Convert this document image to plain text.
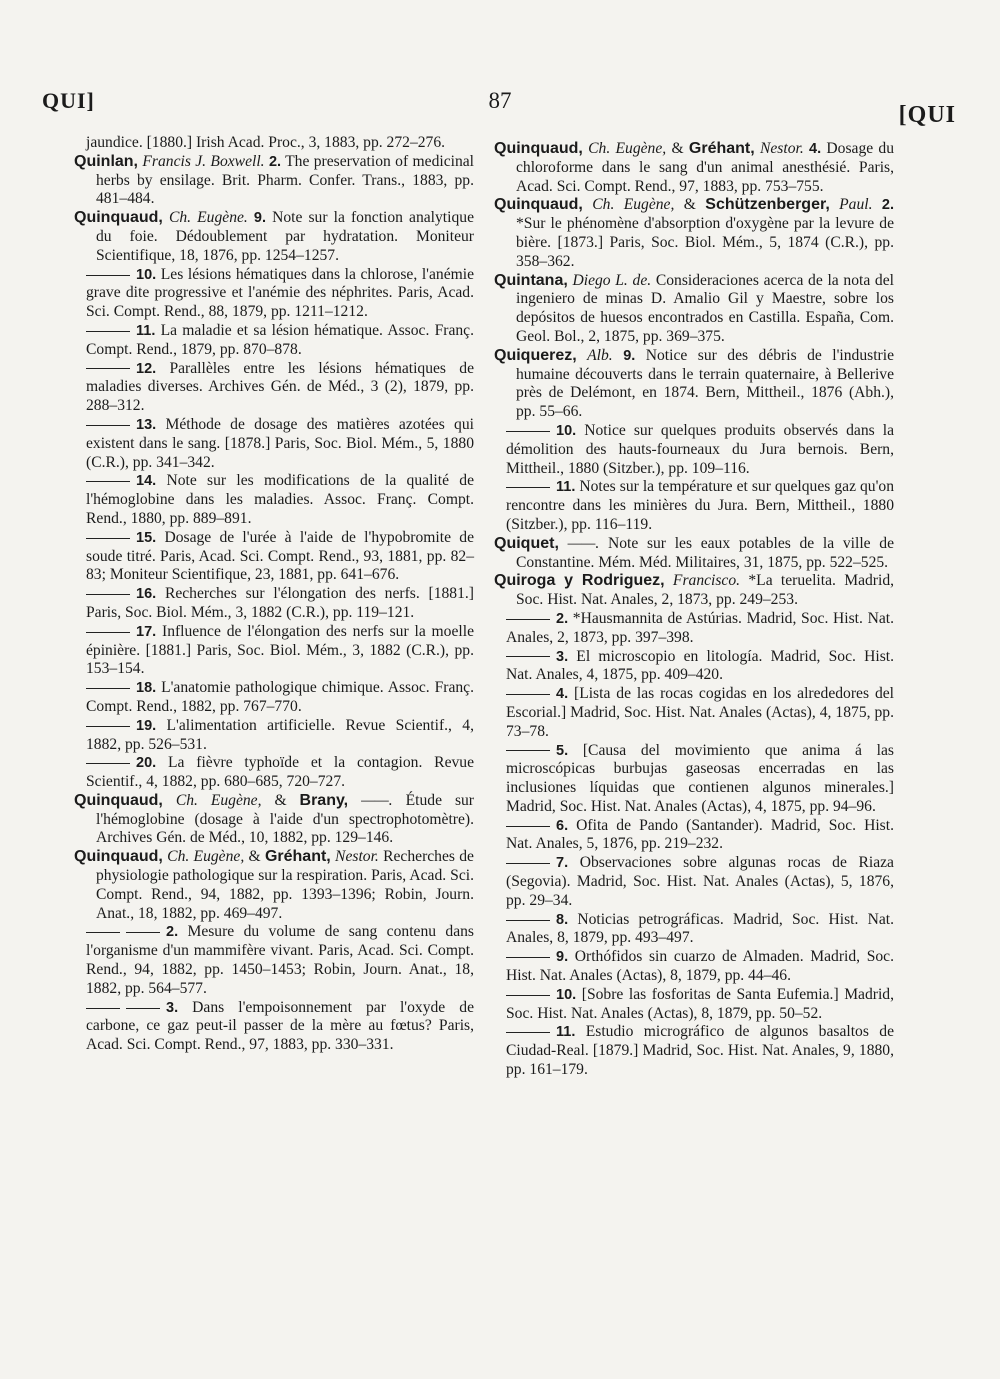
QUI]	87
[QUI

jaundice. [1880.] Irish Acad. Proc., 3, 1883, pp. 272–276.

Quinlan, Francis J. Boxwell. 2. The preservation of medicinal herbs by ensilage. Brit. Pharm. Confer. Trans., 1883, pp. 481–484.

Quinquaud, Ch. Eugène. 9. Note sur la fonction analytique du foie. Dédoublement par hydratation. Moniteur Scientifique, 18, 1876, pp. 1254–1257.

10. Les lésions hématiques dans la chlorose, l'anémie grave dite progressive et l'anémie des néphrites. Paris, Acad. Sci. Compt. Rend., 88, 1879, pp. 1211–1212.

11. La maladie et sa lésion hématique. Assoc. Franç. Compt. Rend., 1879, pp. 870–878.

12. Parallèles entre les lésions hématiques de maladies diverses. Archives Gén. de Méd., 3 (2), 1879, pp. 288–312.

13. Méthode de dosage des matières azotées qui existent dans le sang. [1878.] Paris, Soc. Biol. Mém., 5, 1880 (C.R.), pp. 341–342.

14. Note sur les modifications de la qualité de l'hémoglobine dans les maladies. Assoc. Franç. Compt. Rend., 1880, pp. 889–891.

15. Dosage de l'urée à l'aide de l'hypobromite de soude titré. Paris, Acad. Sci. Compt. Rend., 93, 1881, pp. 82–83; Moniteur Scientifique, 23, 1881, pp. 641–676.

16. Recherches sur l'élongation des nerfs. [1881.] Paris, Soc. Biol. Mém., 3, 1882 (C.R.), pp. 119–121.

17. Influence de l'élongation des nerfs sur la moelle épinière. [1881.] Paris, Soc. Biol. Mém., 3, 1882 (C.R.), pp. 153–154.

18. L'anatomie pathologique chimique. Assoc. Franç. Compt. Rend., 1882, pp. 767–770.

19. L'alimentation artificielle. Revue Scientif., 4, 1882, pp. 526–531.

20. La fièvre typhoïde et la contagion. Revue Scientif., 4, 1882, pp. 680–685, 720–727.

Quinquaud, Ch. Eugène, & Brany, ——. Étude sur l'hémoglobine (dosage à l'aide d'un spectrophotomètre). Archives Gén. de Méd., 10, 1882, pp. 129–146.

Quinquaud, Ch. Eugène, & Gréhant, Nestor. Recherches de physiologie pathologique sur la respiration. Paris, Acad. Sci. Compt. Rend., 94, 1882, pp. 1393–1396; Robin, Journ. Anat., 18, 1882, pp. 469–497.

2. Mesure du volume de sang contenu dans l'organisme d'un mammifère vivant. Paris, Acad. Sci. Compt. Rend., 94, 1882, pp. 1450–1453; Robin, Journ. Anat., 18, 1882, pp. 564–577.

3. Dans l'empoisonnement par l'oxyde de carbone, ce gaz peut-il passer de la mère au fœtus? Paris, Acad. Sci. Compt. Rend., 97, 1883, pp. 330–331.

Quinquaud, Ch. Eugène, & Gréhant, Nestor. 4. Dosage du chloroforme dans le sang d'un animal anesthésié. Paris, Acad. Sci. Compt. Rend., 97, 1883, pp. 753–755.

Quinquaud, Ch. Eugène, & Schützenberger, Paul. 2. *Sur le phénomène d'absorption d'oxygène par la levure de bière. [1873.] Paris, Soc. Biol. Mém., 5, 1874 (C.R.), pp. 358–362.

Quintana, Diego L. de. Consideraciones acerca de la nota del ingeniero de minas D. Amalio Gil y Maestre, sobre los depósitos de huesos encontrados en Castilla. España, Com. Geol. Bol., 2, 1875, pp. 369–375.

Quiquerez, Alb. 9. Notice sur des débris de l'industrie humaine découverts dans le terrain quaternaire, à Bellerive près de Delémont, en 1874. Bern, Mittheil., 1876 (Abh.), pp. 55–66.

10. Notice sur quelques produits observés dans la démolition des hauts-fourneaux du Jura bernois. Bern, Mittheil., 1880 (Sitzber.), pp. 109–116.

11. Notes sur la température et sur quelques gaz qu'on rencontre dans les minières du Jura. Bern, Mittheil., 1880 (Sitzber.), pp. 116–119.

Quiquet, ——. Note sur les eaux potables de la ville de Constantine. Mém. Méd. Militaires, 31, 1875, pp. 522–525.

Quiroga y Rodriguez, Francisco. *La teruelita. Madrid, Soc. Hist. Nat. Anales, 2, 1873, pp. 249–253.

2. *Hausmannita de Astúrias. Madrid, Soc. Hist. Nat. Anales, 2, 1873, pp. 397–398.

3. El microscopio en litología. Madrid, Soc. Hist. Nat. Anales, 4, 1875, pp. 409–420.

4. [Lista de las rocas cogidas en los alrededores del Escorial.] Madrid, Soc. Hist. Nat. Anales (Actas), 4, 1875, pp. 73–78.

5. [Causa del movimiento que anima á las microscópicas burbujas gaseosas encerradas en las inclusiones líquidas que contienen algunos minerales.] Madrid, Soc. Hist. Nat. Anales (Actas), 4, 1875, pp. 94–96.

6. Ofita de Pando (Santander). Madrid, Soc. Hist. Nat. Anales, 5, 1876, pp. 219–232.

7. Observaciones sobre algunas rocas de Riaza (Segovia). Madrid, Soc. Hist. Nat. Anales (Actas), 5, 1876, pp. 29–34.

8. Noticias petrográficas. Madrid, Soc. Hist. Nat. Anales, 8, 1879, pp. 493–497.

9. Orthófidos sin cuarzo de Almaden. Madrid, Soc. Hist. Nat. Anales (Actas), 8, 1879, pp. 44–46.

10. [Sobre las fosforitas de Santa Eufemia.] Madrid, Soc. Hist. Nat. Anales (Actas), 8, 1879, pp. 50–52.

11. Estudio micrográfico de algunos basaltos de Ciudad-Real. [1879.] Madrid, Soc. Hist. Nat. Anales, 9, 1880, pp. 161–179.
